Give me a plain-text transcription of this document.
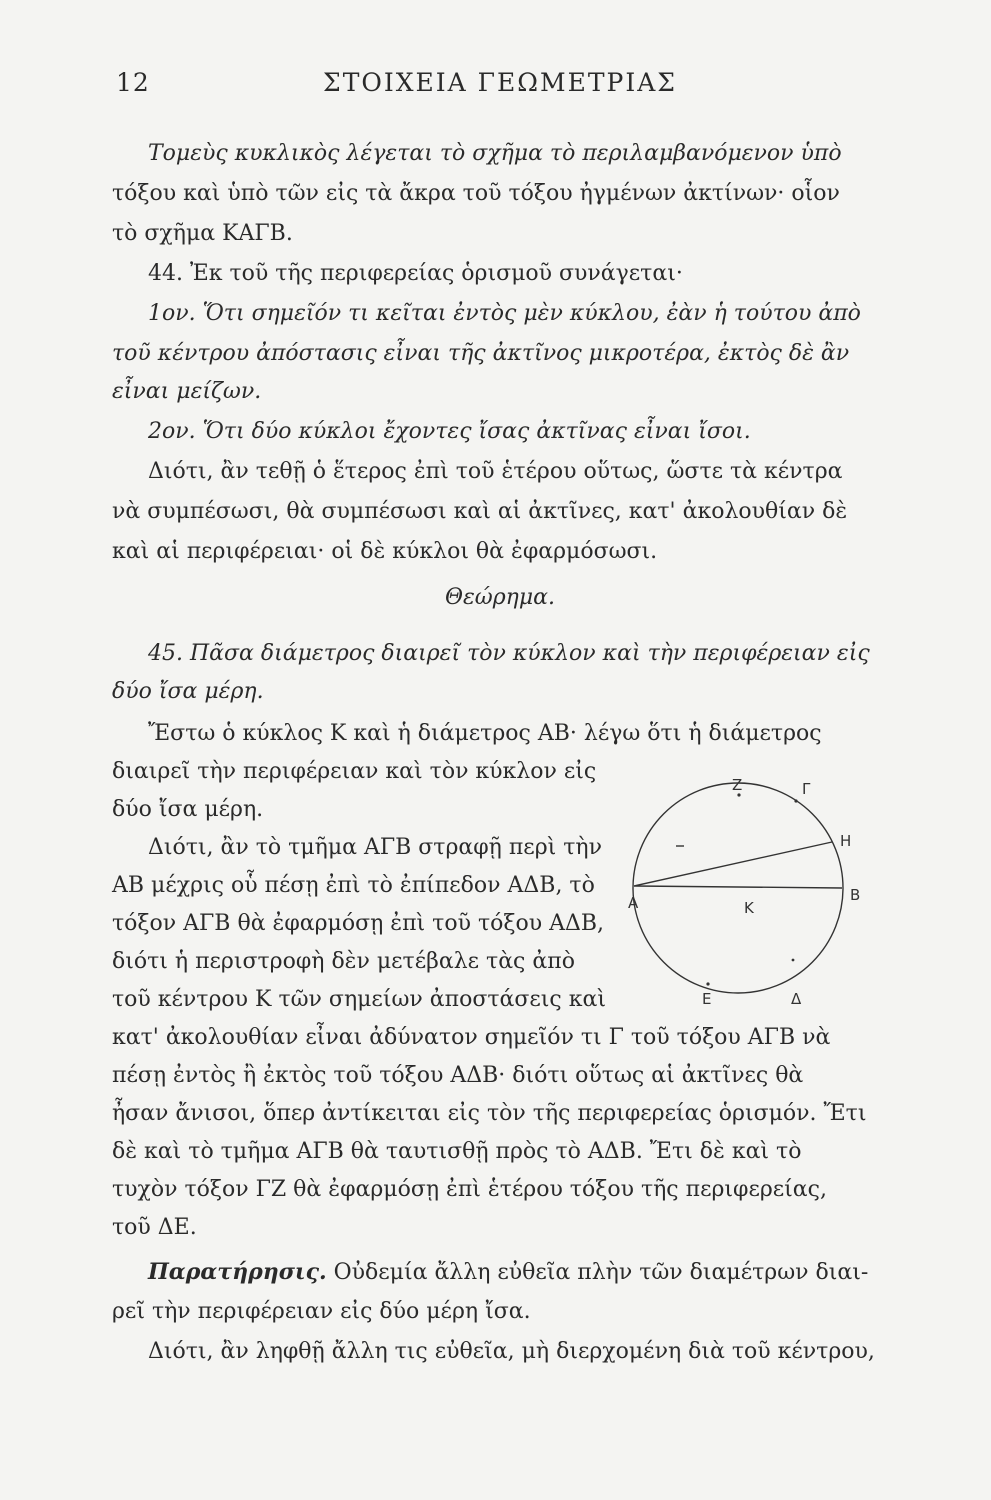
12	ΣΤΟΙΧΕΙΑ ΓΕΩΜΕΤΡΙΑΣ
Τομεὺς κυκλικὸς λέγεται τὸ σχῆμα τὸ περιλαμβανόμενον ὑπὸ
τόξου καὶ ὑπὸ τῶν εἰς τὰ ἄκρα τοῦ τόξου ἠγμένων ἀκτίνων· οἷον
τὸ σχῆμα ΚΑΓΒ.
44. Ἐκ τοῦ τῆς περιφερείας ὁρισμοῦ συνάγεται·
1ον. Ὅτι σημεῖόν τι κεῖται ἐντὸς μὲν κύκλου, ἐὰν ἡ τούτου ἀπὸ
τοῦ κέντρου ἀπόστασις εἶναι τῆς ἀκτῖνος μικροτέρα, ἐκτὸς δὲ ἂν
εἶναι μείζων.
2ον. Ὅτι δύο κύκλοι ἔχοντες ἴσας ἀκτῖνας εἶναι ἴσοι.
Διότι, ἂν τεθῇ ὁ ἕτερος ἐπὶ τοῦ ἑτέρου οὕτως, ὥστε τὰ κέντρα
νὰ συμπέσωσι, θὰ συμπέσωσι καὶ αἱ ἀκτῖνες, κατ' ἀκολουθίαν δὲ
καὶ αἱ περιφέρειαι· οἱ δὲ κύκλοι θὰ ἐφαρμόσωσι.
Θεώρημα.
45. Πᾶσα διάμετρος διαιρεῖ τὸν κύκλον καὶ τὴν περιφέρειαν εἰς
δύο ἴσα μέρη.
Ἔστω ὁ κύκλος Κ καὶ ἡ διάμετρος ΑΒ· λέγω ὅτι ἡ διάμετρος
διαιρεῖ τὴν περιφέρειαν καὶ τὸν κύκλον εἰς
δύο ἴσα μέρη.
Διότι, ἂν τὸ τμῆμα ΑΓΒ στραφῇ περὶ τὴν
ΑΒ μέχρις οὗ πέσῃ ἐπὶ τὸ ἐπίπεδον ΑΔΒ, τὸ
τόξον ΑΓΒ θὰ ἐφαρμόσῃ ἐπὶ τοῦ τόξου ΑΔΒ,
διότι ἡ περιστροφὴ δὲν μετέβαλε τὰς ἀπὸ
τοῦ κέντρου Κ τῶν σημείων ἀποστάσεις καὶ
κατ' ἀκολουθίαν εἶναι ἀδύνατον σημεῖόν τι Γ τοῦ τόξου ΑΓΒ νὰ
πέσῃ ἐντὸς ἢ ἐκτὸς τοῦ τόξου ΑΔΒ· διότι οὕτως αἱ ἀκτῖνες θὰ
ἦσαν ἄνισοι, ὅπερ ἀντίκειται εἰς τὸν τῆς περιφερείας ὁρισμόν. Ἔτι
δὲ καὶ τὸ τμῆμα ΑΓΒ θὰ ταυτισθῇ πρὸς τὸ ΑΔΒ. Ἔτι δὲ καὶ τὸ
τυχὸν τόξον ΓΖ θὰ ἐφαρμόσῃ ἐπὶ ἑτέρου τόξου τῆς περιφερείας,
τοῦ ΔΕ.
Παρατήρησις. Οὐδεμία ἄλλη εὐθεῖα πλὴν τῶν διαμέτρων διαι-
ρεῖ τὴν περιφέρειαν εἰς δύο μέρη ἴσα.
Διότι, ἂν ληφθῇ ἄλλη τις εὐθεῖα, μὴ διερχομένη διὰ τοῦ κέντρου,
Z	Γ
Η
Α	Β
Κ
Ε	Δ
